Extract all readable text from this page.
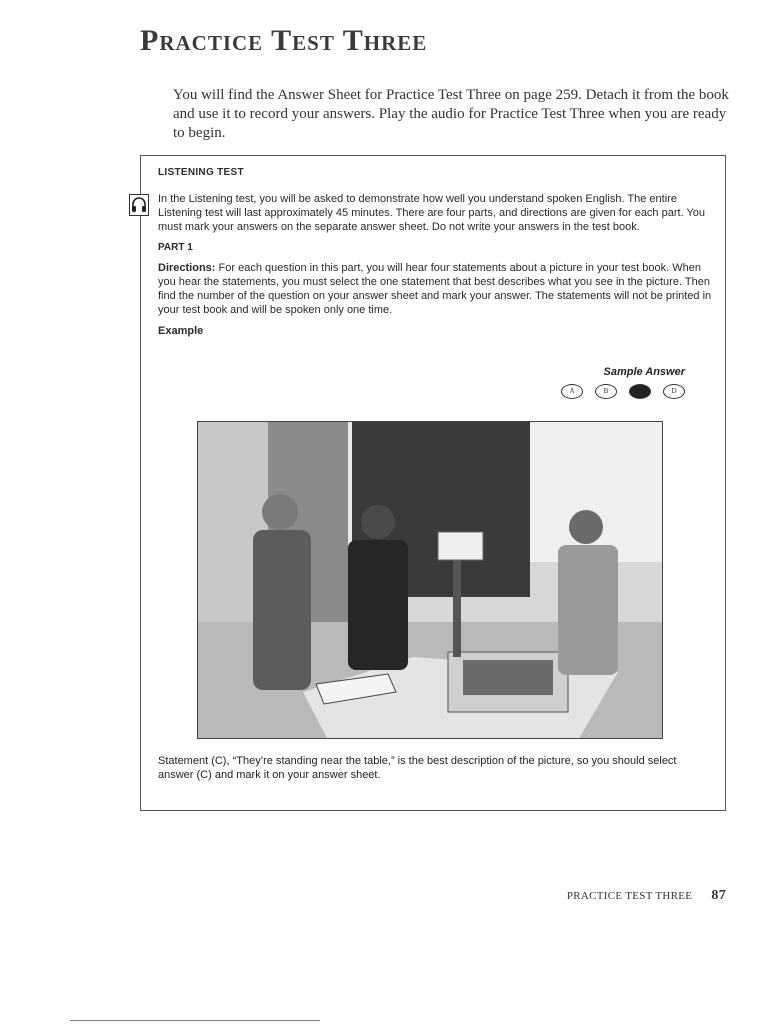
Practice Test Three
You will find the Answer Sheet for Practice Test Three on page 259. Detach it from the book and use it to record your answers. Play the audio for Practice Test Three when you are ready to begin.
LISTENING TEST

In the Listening test, you will be asked to demonstrate how well you understand spoken English. The entire Listening test will last approximately 45 minutes. There are four parts, and directions are given for each part. You must mark your answers on the separate answer sheet. Do not write your answers in the test book.

PART 1

Directions: For each question in this part, you will hear four statements about a picture in your test book. When you hear the statements, you must select the one statement that best describes what you see in the picture. Then find the number of the question on your answer sheet and mark your answer. The statements will not be printed in your test book and will be spoken only one time.

Example
Sample Answer
A	B	C	D
Statement (C), “They’re standing near the table,” is the best description of the picture, so you should select answer (C) and mark it on your answer sheet.
PRACTICE TEST THREE 87
